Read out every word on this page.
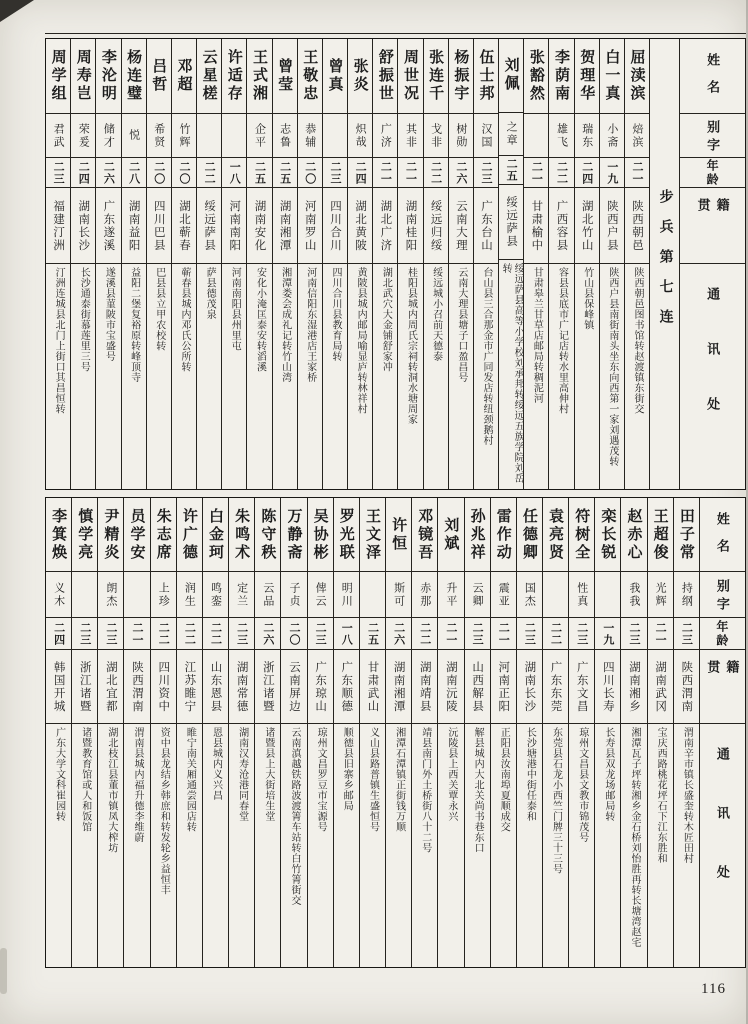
周学组
君武
二三
福建汀洲
汀洲连城县北门上街口其昌恒转
周寿岂
荣爰
二四
湖南长沙
长沙通泰街慕莲里三号
李沦明
储才
二六
广东遂溪
遂溪县菫陂市宝盛号
杨连璧
悦
二八
湖南益阳
益阳二堡复裕原转峰顶寺
吕哲
希贤
二〇
四川巴县
巴县县立甲农校转
邓超
竹辉
二〇
湖北蕲春
蕲春县城内邓氏公所转
云星槎
二二
绥远萨县
萨县德茂泉
许适存
一八
河南南阳
河南南阳县州里屯
王式湘
企平
二五
湖南安化
安化小淹匡泰安转滔溪
曾莹
志鲁
二五
湖南湘潭
湘潭娄会成礼记转竹山湾
王敬忠
恭辅
二〇
河南罗山
河南信阳东湿港店王家桥
曾真
二三
四川合川
四川合川县教育局转
张炎
炽哉
二四
湖北黄陂
黄陂县城内邮局喻显庐转林祥村
舒振世
广济
二一
湖北广济
湖北武穴大金铺舒家冲
周世况
其非
二一
湖南桂阳
桂阳县城内周氏宗祠转洞水塘周家
张连千
戈非
二二
绥远归绥
绥远城小召前天德泰
杨振宇
树勋
二六
云南大理
云南大理县塘子口盈昌号
伍士邦
汉国
二三
广东台山
台山县三合那金市广同发店转纽颈鹅村
刘佩
之章
二五
绥远萨县
绥远萨县高等小学校刘承邦转绥远五族学院刘岳转
张豁然
二一
甘肃榆中
甘肃皋兰甘草店邮局转稠泥河
李荫南
雄飞
二二
广西容县
容县县底市广记店转水里高伸村
贺理华
瑞东
二四
湖北竹山
竹山县保峰镇
白一真
小斋
一九
陕西户县
陕西户县南街南头坐东向西第一家刘遇茂转
屈渎滨
焙滨
二一
陕西朝邑
陕西朝邑图书馆转赵渡镇东街交
步兵第七连
姓名
别字
年龄
籍贯
通讯处
李箕焕
义木
二四
韩国开城
广东大学文科崔园转
慎学亮
二三
浙江诸暨
诸暨教育馆或人和饭馆
尹精炎
朗杰
二三
湖北宜都
湖北枝江县董市镇凤大榨坊
员学安
二一
陕西渭南
渭南县城内福升德李维蔚
朱志席
上珍
二二
四川资中
资中县龙结乡韩庶和转发轮乡益恒丰
许广德
润生
二二
江苏睢宁
睢宁南关厢通尝园店转
白金珂
鸣銮
二二
山东恩县
恩县城内义兴昌
朱鸣术
定兰
二三
湖南常德
湖南汉寿沧港同春堂
陈守秩
云品
二六
浙江诸暨
诸暨县上大街培生堂
万静斋
子贞
二〇
云南屏边
云南滇越铁路波渡箐车站转白竹箐街交
吴协彬
俾云
二三
广东琼山
琼州文昌罗豆市宝源号
罗光联
明川
一八
广东顺德
顺德县旧寨乡邮局
王文泽
二五
甘肃武山
义山县路普镇生盛恒号
许恒
斯可
二六
湖南湘潭
湘潭石潭镇正街钱万顺
邓镜吾
赤那
二二
湖南靖县
靖县南门外土桥街八十二号
刘斌
升平
二一
湖南沅陵
沅陵县上西关覃永兴
孙兆祥
云卿
二三
山西解县
解县城内大北关尚书巷东口
雷作动
震亚
二一
河南正阳
正阳县汝南埠夏顺成交
任德卿
国杰
二三
湖南长沙
长沙塘港中街任泰和
袁亮贤
二二
广东东莞
东莞县石龙小西竺门牌三十三号
符树全
性真
二三
广东文昌
琼州文昌县文教市锦茂号
栾长锐
一九
四川长寿
长寿县双龙场邮局转
赵赤心
我我
二三
湖南湘乡
湘潭瓦子坪转湘乡金石桥刘怡胜再转长塘湾赵宅
王超俊
光辉
二一
湖南武冈
宝庆西路桃花坪石下江东胜和
田子常
持纲
二三
陕西渭南
渭南辛市镇长盛奎转木匠田村
姓名
别字
年龄
籍贯
通讯处
116
